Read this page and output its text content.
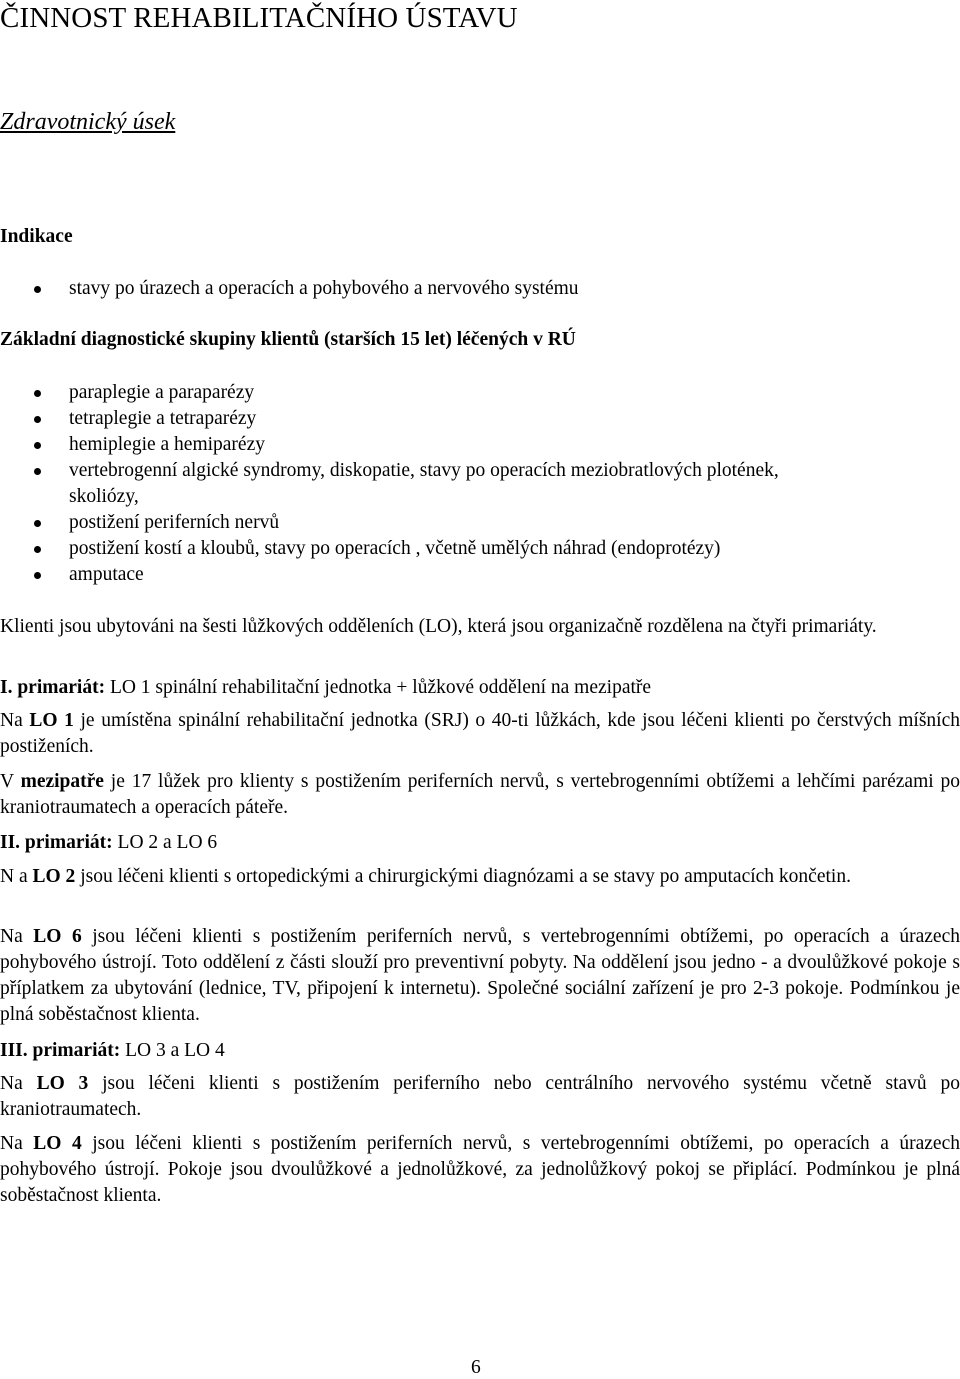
ČINNOST REHABILITAČNÍHO ÚSTAVU
Zdravotnický úsek
Indikace
stavy po úrazech a operacích a pohybového a nervového systému
Základní diagnostické skupiny klientů (starších 15 let) léčených v RÚ
paraplegie a paraparézy
tetraplegie a tetraparézy
hemiplegie a hemiparézy
vertebrogenní algické syndromy, diskopatie, stavy po operacích meziobratlových plotének,
skoliózy,
postižení periferních nervů
postižení kostí a kloubů, stavy po operacích , včetně umělých náhrad (endoprotézy)
amputace

Klienti jsou ubytováni na šesti lůžkových odděleních (LO), která jsou organizačně rozdělena na čtyři primariáty.

I. primariát: LO 1 spinální rehabilitační jednotka + lůžkové oddělení na mezipatře

Na LO 1 je umístěna spinální rehabilitační jednotka (SRJ) o 40-ti lůžkách, kde jsou léčeni klienti po čerstvých míšních postiženích.

V mezipatře je 17 lůžek pro klienty s postižením periferních nervů, s vertebrogenními obtížemi a lehčími parézami po kraniotraumatech a operacích páteře.

II. primariát: LO 2 a LO 6

N a LO 2 jsou léčeni klienti s ortopedickými a chirurgickými diagnózami a se stavy po amputacích končetin.

Na LO 6 jsou léčeni klienti s postižením periferních nervů, s vertebrogenními obtížemi, po operacích a úrazech pohybového ústrojí. Toto oddělení z části slouží pro preventivní pobyty. Na oddělení jsou jedno - a dvoulůžkové pokoje s příplatkem za ubytování (lednice, TV, připojení k internetu). Společné sociální zařízení je pro 2-3 pokoje. Podmínkou je plná soběstačnost klienta.

III. primariát: LO 3 a LO 4

Na LO 3 jsou léčeni klienti s postižením periferního nebo centrálního nervového systému včetně stavů po kraniotraumatech.

Na LO 4 jsou léčeni klienti s postižením periferních nervů, s vertebrogenními obtížemi, po operacích a úrazech pohybového ústrojí. Pokoje jsou dvoulůžkové a jednolůžkové, za jednolůžkový pokoj se připlácí. Podmínkou je plná soběstačnost klienta.

6
